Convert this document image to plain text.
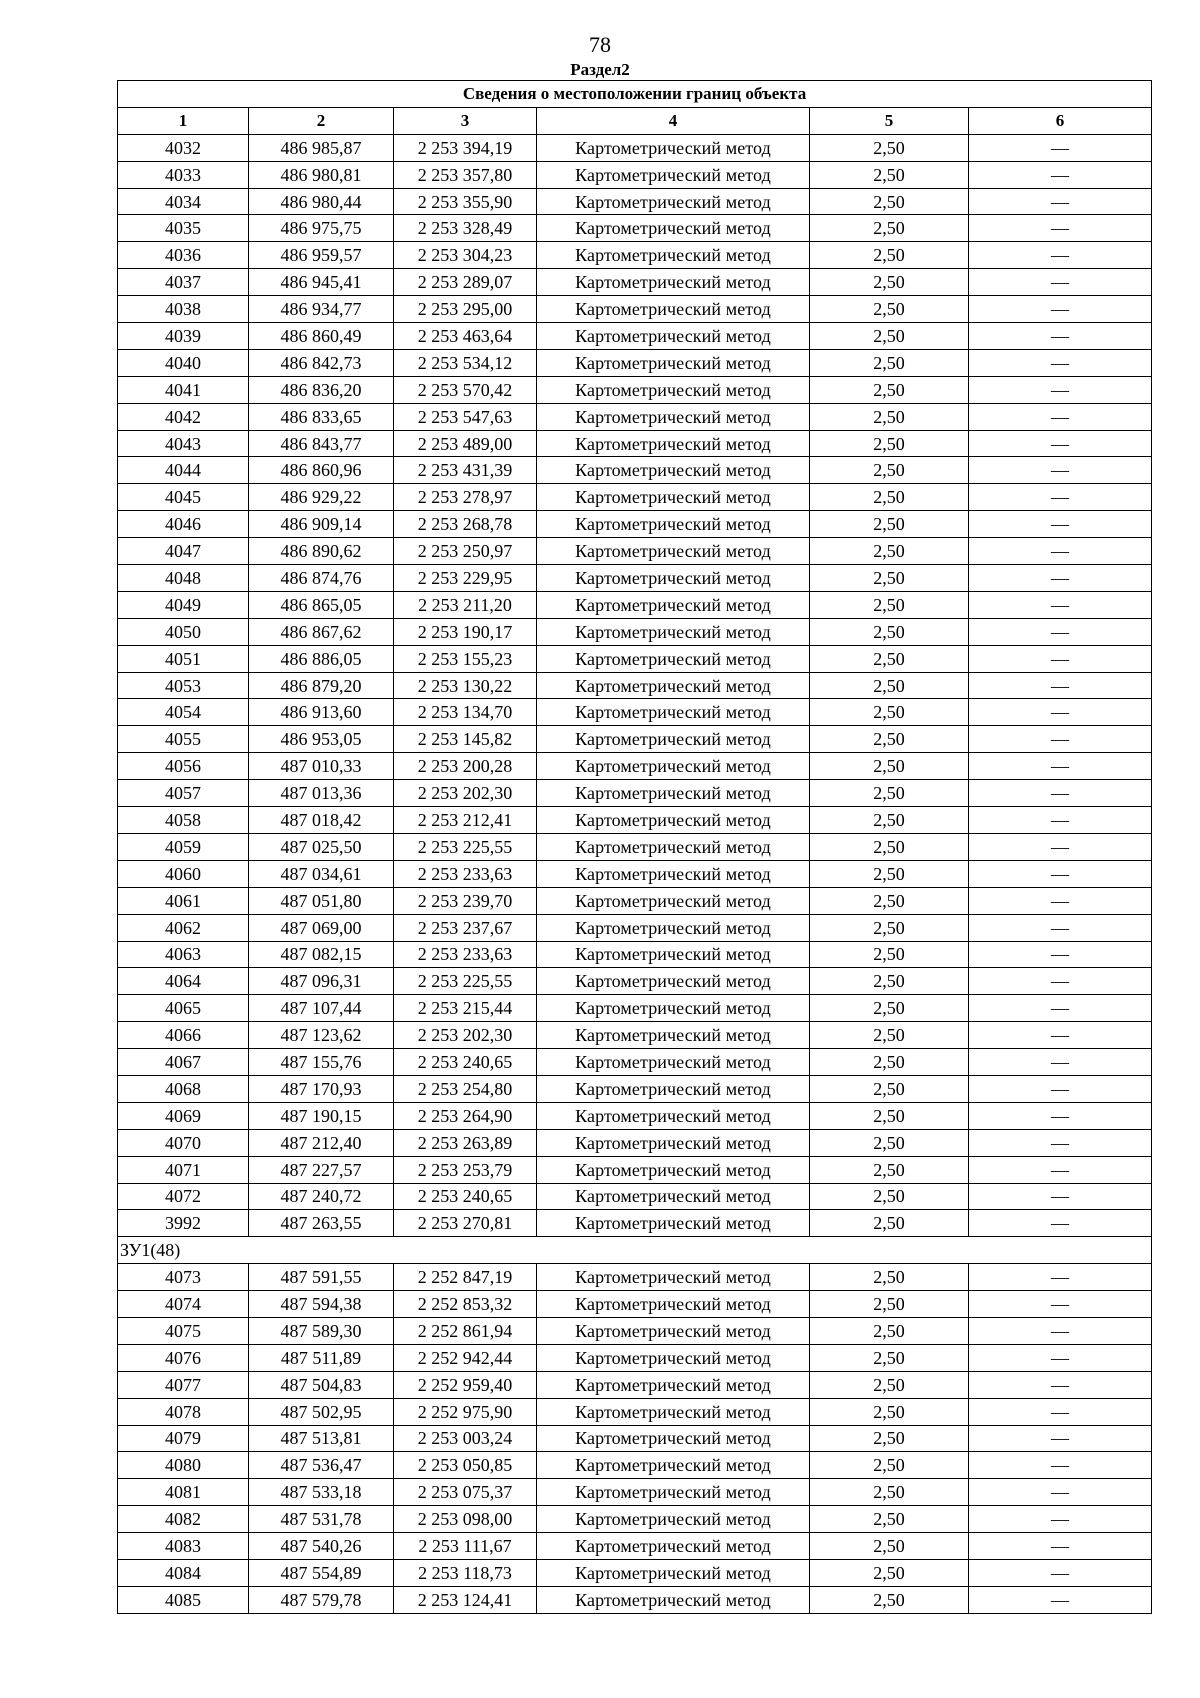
78
Раздел2
Сведения о местоположении границ объекта					
1	2	3	4	5	6
4032	486 985,87	2 253 394,19	Картометрический метод	2,50	—
4033	486 980,81	2 253 357,80	Картометрический метод	2,50	—
4034	486 980,44	2 253 355,90	Картометрический метод	2,50	—
4035	486 975,75	2 253 328,49	Картометрический метод	2,50	—
4036	486 959,57	2 253 304,23	Картометрический метод	2,50	—
4037	486 945,41	2 253 289,07	Картометрический метод	2,50	—
4038	486 934,77	2 253 295,00	Картометрический метод	2,50	—
4039	486 860,49	2 253 463,64	Картометрический метод	2,50	—
4040	486 842,73	2 253 534,12	Картометрический метод	2,50	—
4041	486 836,20	2 253 570,42	Картометрический метод	2,50	—
4042	486 833,65	2 253 547,63	Картометрический метод	2,50	—
4043	486 843,77	2 253 489,00	Картометрический метод	2,50	—
4044	486 860,96	2 253 431,39	Картометрический метод	2,50	—
4045	486 929,22	2 253 278,97	Картометрический метод	2,50	—
4046	486 909,14	2 253 268,78	Картометрический метод	2,50	—
4047	486 890,62	2 253 250,97	Картометрический метод	2,50	—
4048	486 874,76	2 253 229,95	Картометрический метод	2,50	—
4049	486 865,05	2 253 211,20	Картометрический метод	2,50	—
4050	486 867,62	2 253 190,17	Картометрический метод	2,50	—
4051	486 886,05	2 253 155,23	Картометрический метод	2,50	—
4053	486 879,20	2 253 130,22	Картометрический метод	2,50	—
4054	486 913,60	2 253 134,70	Картометрический метод	2,50	—
4055	486 953,05	2 253 145,82	Картометрический метод	2,50	—
4056	487 010,33	2 253 200,28	Картометрический метод	2,50	—
4057	487 013,36	2 253 202,30	Картометрический метод	2,50	—
4058	487 018,42	2 253 212,41	Картометрический метод	2,50	—
4059	487 025,50	2 253 225,55	Картометрический метод	2,50	—
4060	487 034,61	2 253 233,63	Картометрический метод	2,50	—
4061	487 051,80	2 253 239,70	Картометрический метод	2,50	—
4062	487 069,00	2 253 237,67	Картометрический метод	2,50	—
4063	487 082,15	2 253 233,63	Картометрический метод	2,50	—
4064	487 096,31	2 253 225,55	Картометрический метод	2,50	—
4065	487 107,44	2 253 215,44	Картометрический метод	2,50	—
4066	487 123,62	2 253 202,30	Картометрический метод	2,50	—
4067	487 155,76	2 253 240,65	Картометрический метод	2,50	—
4068	487 170,93	2 253 254,80	Картометрический метод	2,50	—
4069	487 190,15	2 253 264,90	Картометрический метод	2,50	—
4070	487 212,40	2 253 263,89	Картометрический метод	2,50	—
4071	487 227,57	2 253 253,79	Картометрический метод	2,50	—
4072	487 240,72	2 253 240,65	Картометрический метод	2,50	—
3992	487 263,55	2 253 270,81	Картометрический метод	2,50	—
ЗУ1(48)					
4073	487 591,55	2 252 847,19	Картометрический метод	2,50	—
4074	487 594,38	2 252 853,32	Картометрический метод	2,50	—
4075	487 589,30	2 252 861,94	Картометрический метод	2,50	—
4076	487 511,89	2 252 942,44	Картометрический метод	2,50	—
4077	487 504,83	2 252 959,40	Картометрический метод	2,50	—
4078	487 502,95	2 252 975,90	Картометрический метод	2,50	—
4079	487 513,81	2 253 003,24	Картометрический метод	2,50	—
4080	487 536,47	2 253 050,85	Картометрический метод	2,50	—
4081	487 533,18	2 253 075,37	Картометрический метод	2,50	—
4082	487 531,78	2 253 098,00	Картометрический метод	2,50	—
4083	487 540,26	2 253 111,67	Картометрический метод	2,50	—
4084	487 554,89	2 253 118,73	Картометрический метод	2,50	—
4085	487 579,78	2 253 124,41	Картометрический метод	2,50	—
